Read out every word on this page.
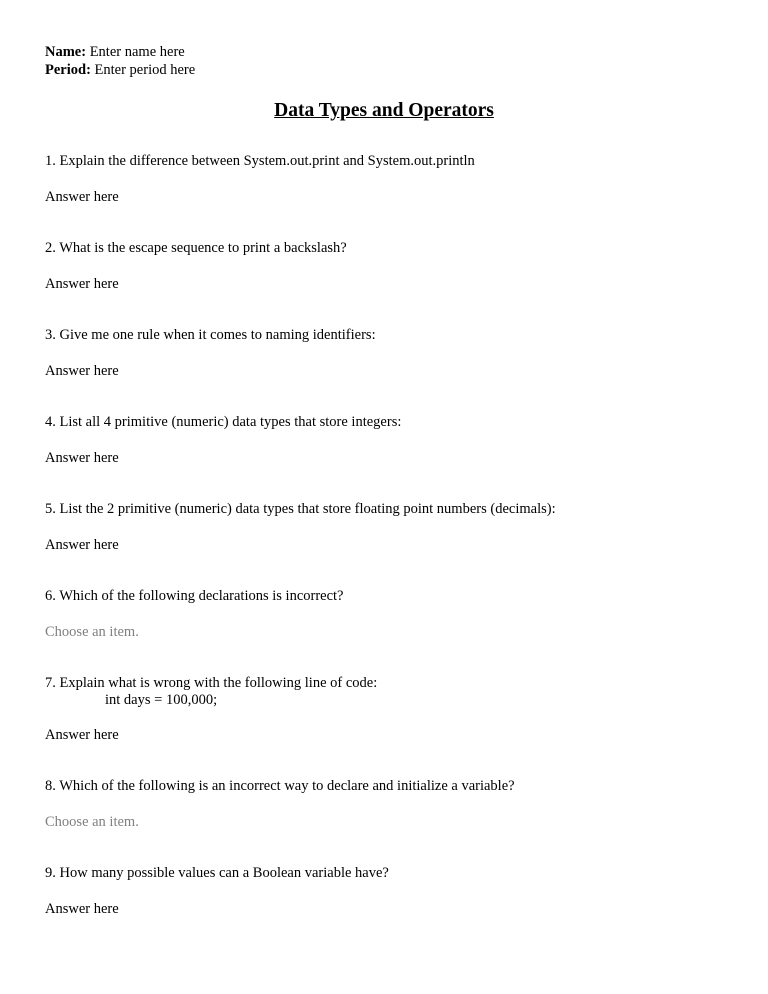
Name: Enter name here
Period: Enter period here
Data Types and Operators
1. Explain the difference between System.out.print and System.out.println
Answer here
2. What is the escape sequence to print a backslash?
Answer here
3. Give me one rule when it comes to naming identifiers:
Answer here
4. List all 4 primitive (numeric) data types that store integers:
Answer here
5. List the 2 primitive (numeric) data types that store floating point numbers (decimals):
Answer here
6. Which of the following declarations is incorrect?
Choose an item.
7. Explain what is wrong with the following line of code:
int days = 100,000;
Answer here
8. Which of the following is an incorrect way to declare and initialize a variable?
Choose an item.
9. How many possible values can a Boolean variable have?
Answer here
